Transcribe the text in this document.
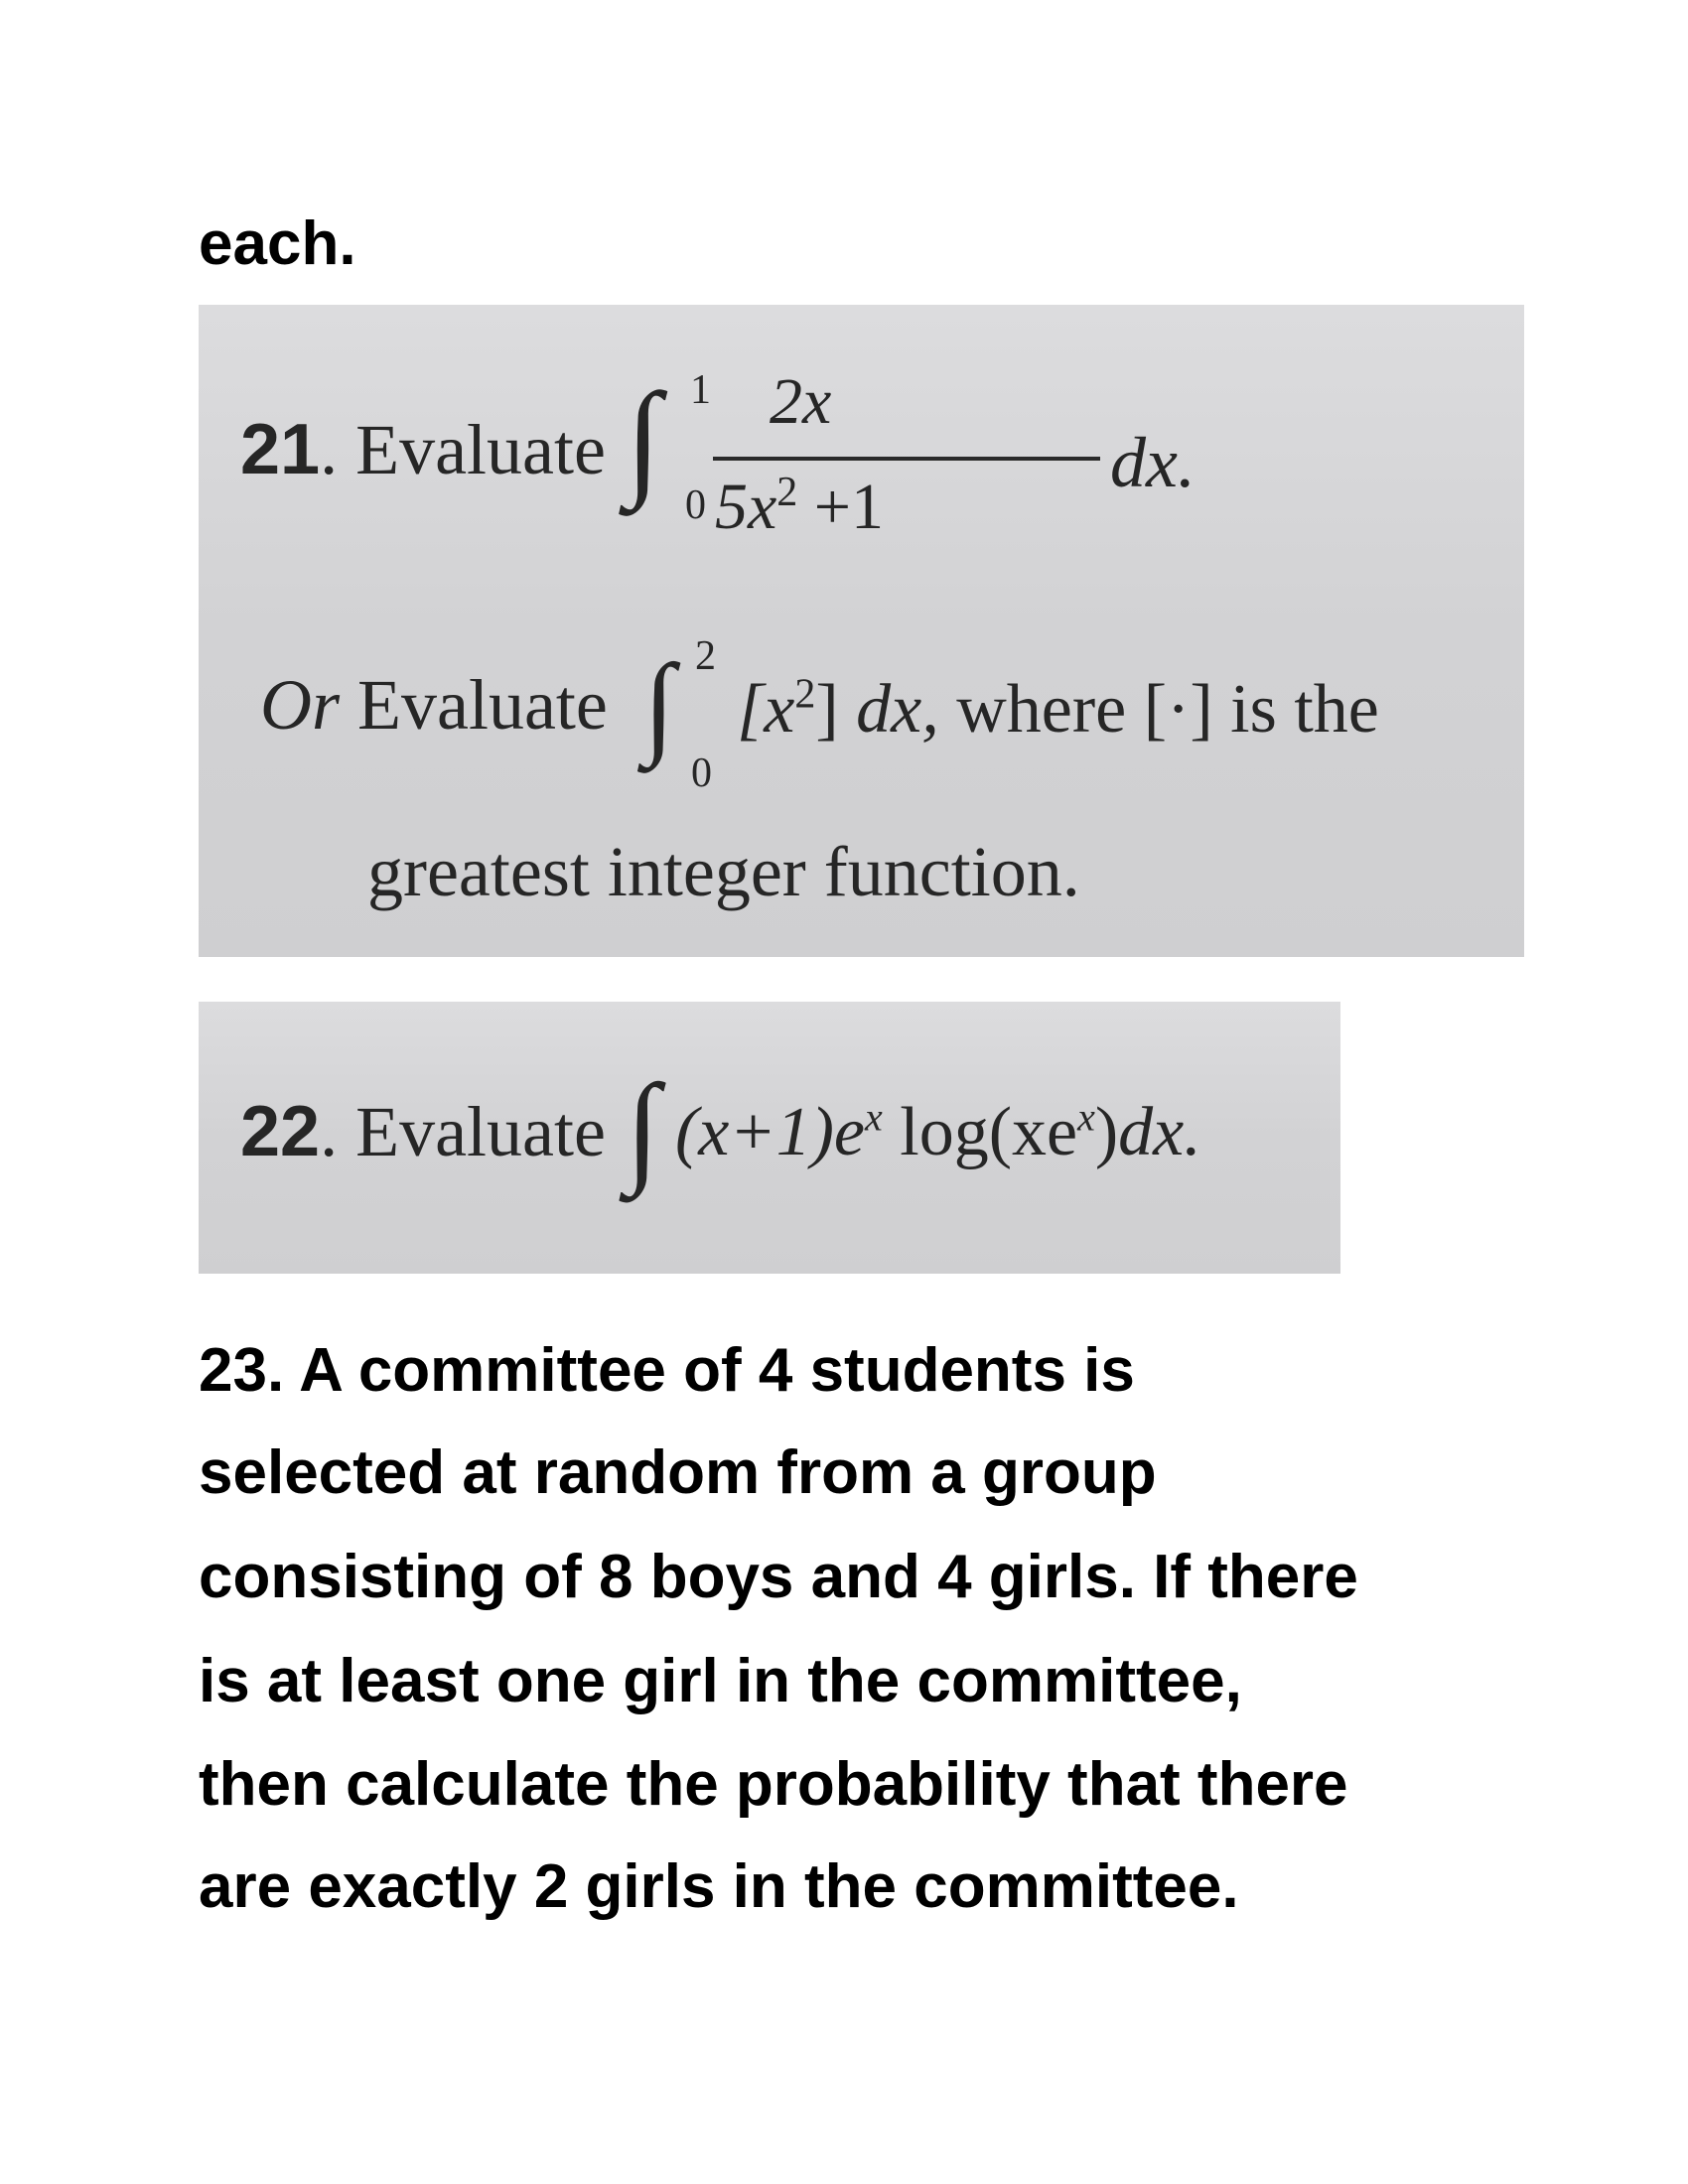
each.
21. Evaluate ∫ 1
0
2x
$5x^2 +1$
dx.
Or Evaluate ∫ 2
0
$[x^2]$ dx, where [·] is the
greatest integer function.
22. Evaluate ∫ $(x+1)e^x$ $\log(xe^x)dx$.
23. A committee of 4 students is
selected at random from a group
consisting of 8 boys and 4 girls. If there
is at least one girl in the committee,
then calculate the probability that there
are exactly 2 girls in the committee.
